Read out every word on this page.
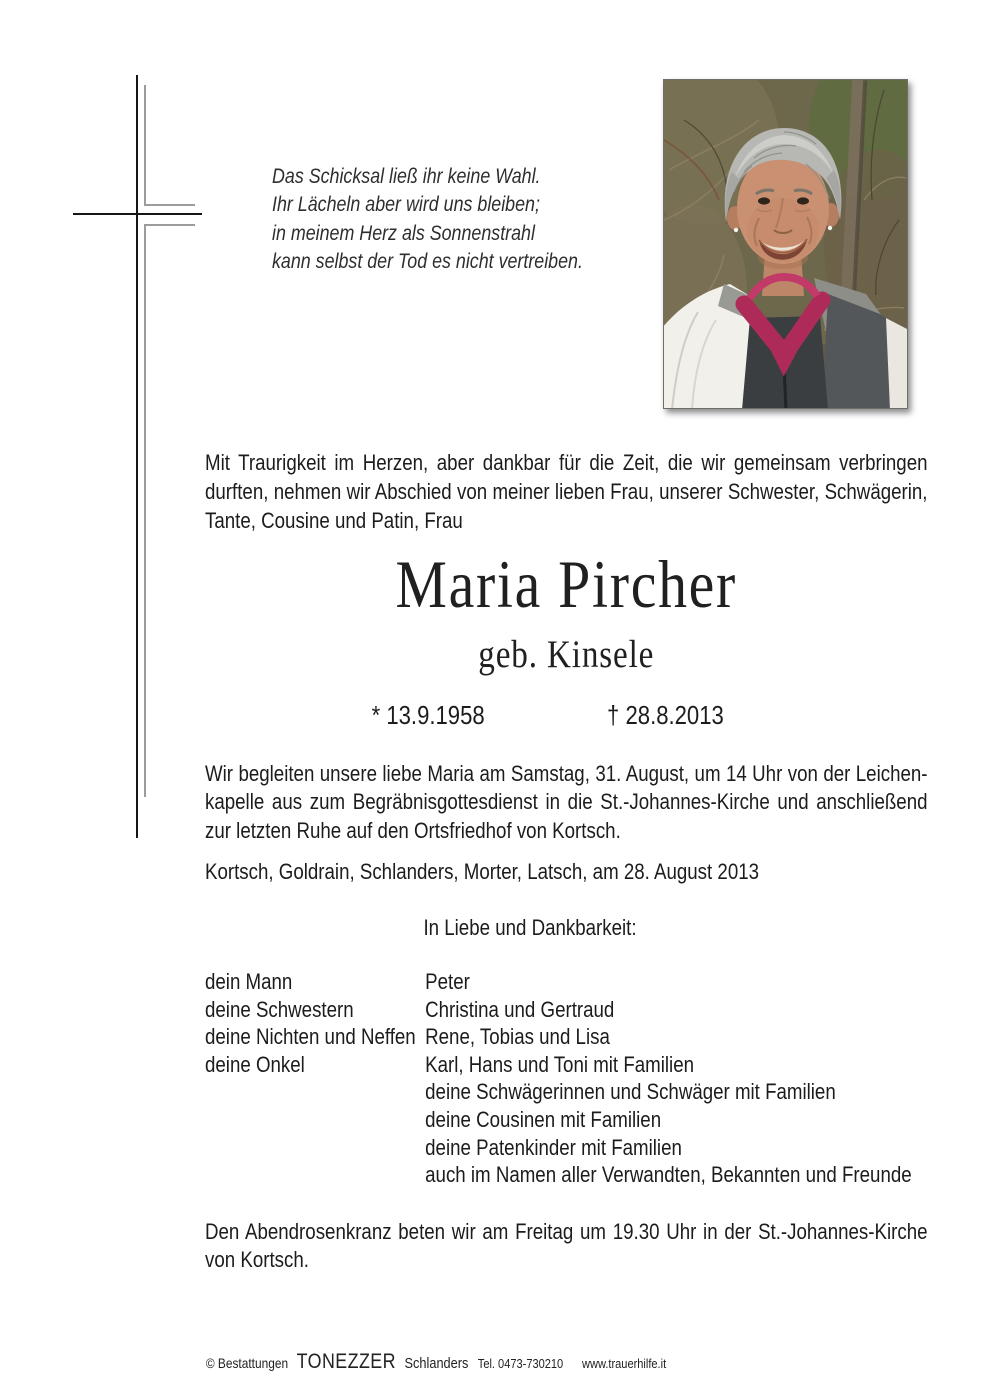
Das Schicksal ließ ihr keine Wahl.
Ihr Lächeln aber wird uns bleiben;
in meinem Herz als Sonnenstrahl
kann selbst der Tod es nicht vertreiben.
Mit Traurigkeit im Herzen, aber dankbar für die Zeit, die wir gemeinsam verbringen
durften, nehmen wir Abschied von meiner lieben Frau, unserer Schwester, Schwägerin,
Tante, Cousine und Patin, Frau
Maria Pircher
geb. Kinsele
* 13.9.1958	† 28.8.2013
Wir begleiten unsere liebe Maria am Samstag, 31. August, um 14 Uhr von der Leichen-
kapelle aus zum Begräbnisgottesdienst in die St.-Johannes-Kirche und anschließend
zur letzten Ruhe auf den Ortsfriedhof von Kortsch.
Kortsch, Goldrain, Schlanders, Morter, Latsch, am 28. August 2013
In Liebe und Dankbarkeit:
dein Mann	Peter
deine Schwestern	Christina und Gertraud
deine Nichten und Neffen Rene, Tobias und Lisa
deine Onkel	Karl, Hans und Toni mit Familien
deine Schwägerinnen und Schwäger mit Familien
deine Cousinen mit Familien
deine Patenkinder mit Familien
auch im Namen aller Verwandten, Bekannten und Freunde
Den Abendrosenkranz beten wir am Freitag um 19.30 Uhr in der St.-Johannes-Kirche
von Kortsch.
© Bestattungen TONEZZER Schlanders Tel. 0473-730210 www.trauerhilfe.it
